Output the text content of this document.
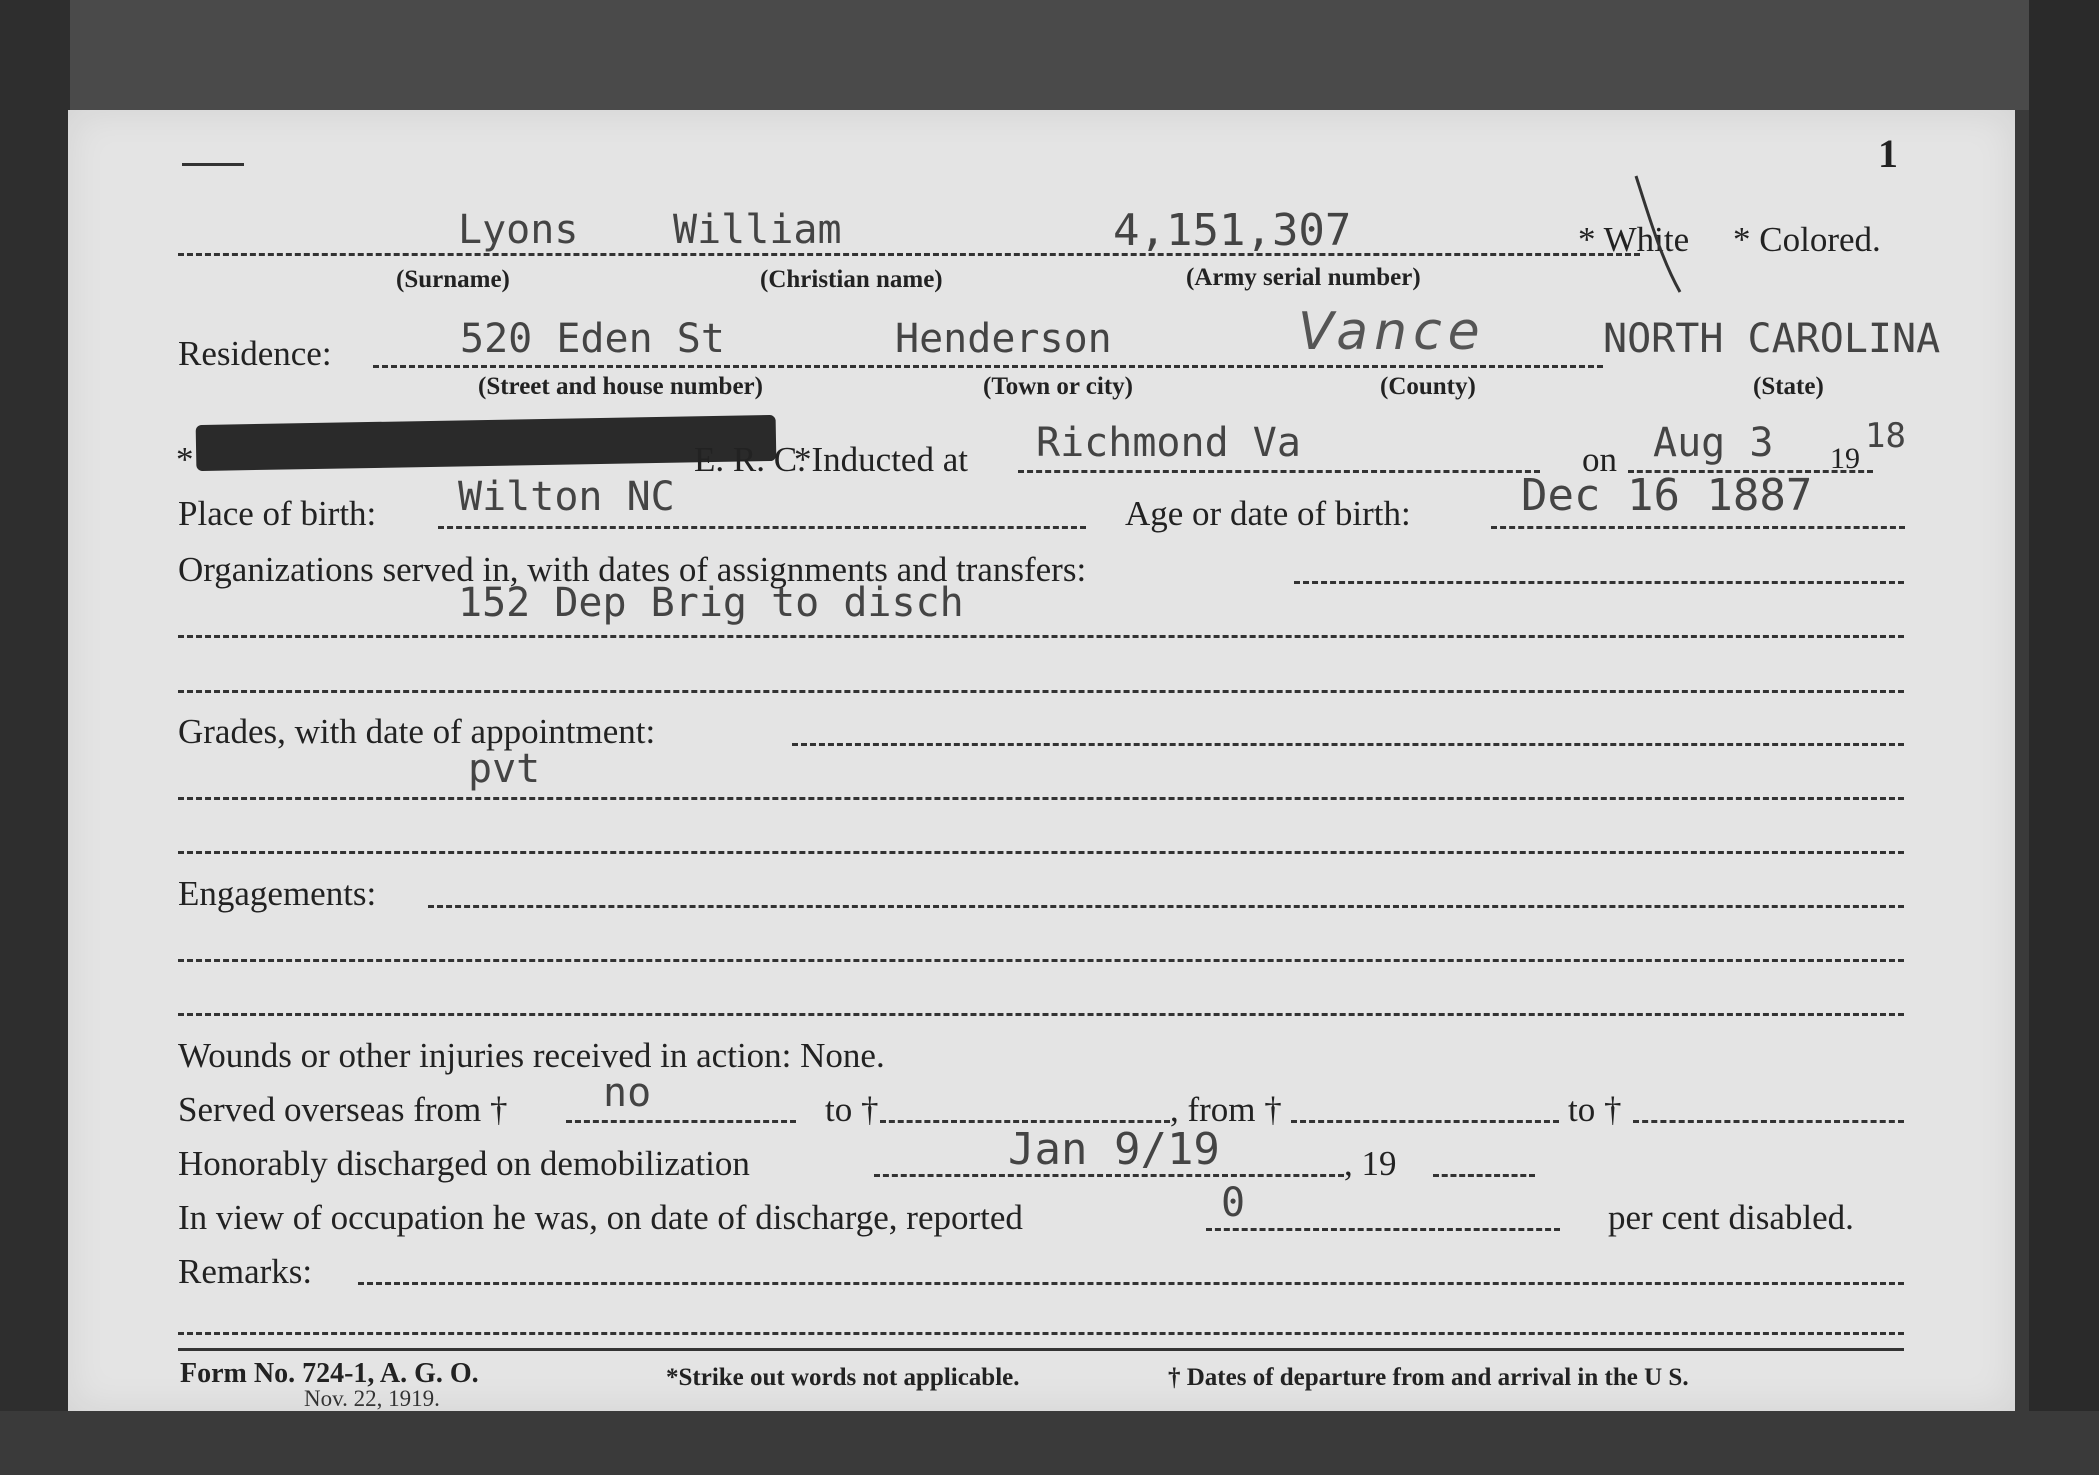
1
Lyons William	4,151,307	* White * Colored.
(Surname)	(Christian name)	(Army serial number)
Residence:	520 Eden St	Henderson	Vance	NORTH CAROLINA
(Street and house number)	(Town or city)	(County)	(State)
*	E. R. C.
*Inducted at Richmond Va	on Aug 3 19
18
Place of birth: Wilton NC	Age or date of birth:	Dec 16 1887
Organizations served in, with dates of assignments and transfers:
152 Dep Brig to disch
Grades, with date of appointment:
pvt
Engagements:
Wounds or other injuries received in action: None.
Served overseas from † no	to †	, from †	to †
Honorably discharged on demobilization	Jan 9/19	, 19
In view of occupation he was, on date of discharge, reported	0	per cent disabled.
Remarks:
Form No. 724-1, A. G. O.
Nov. 22, 1919.
*Strike out words not applicable.	† Dates of departure from and arrival in the U S.
